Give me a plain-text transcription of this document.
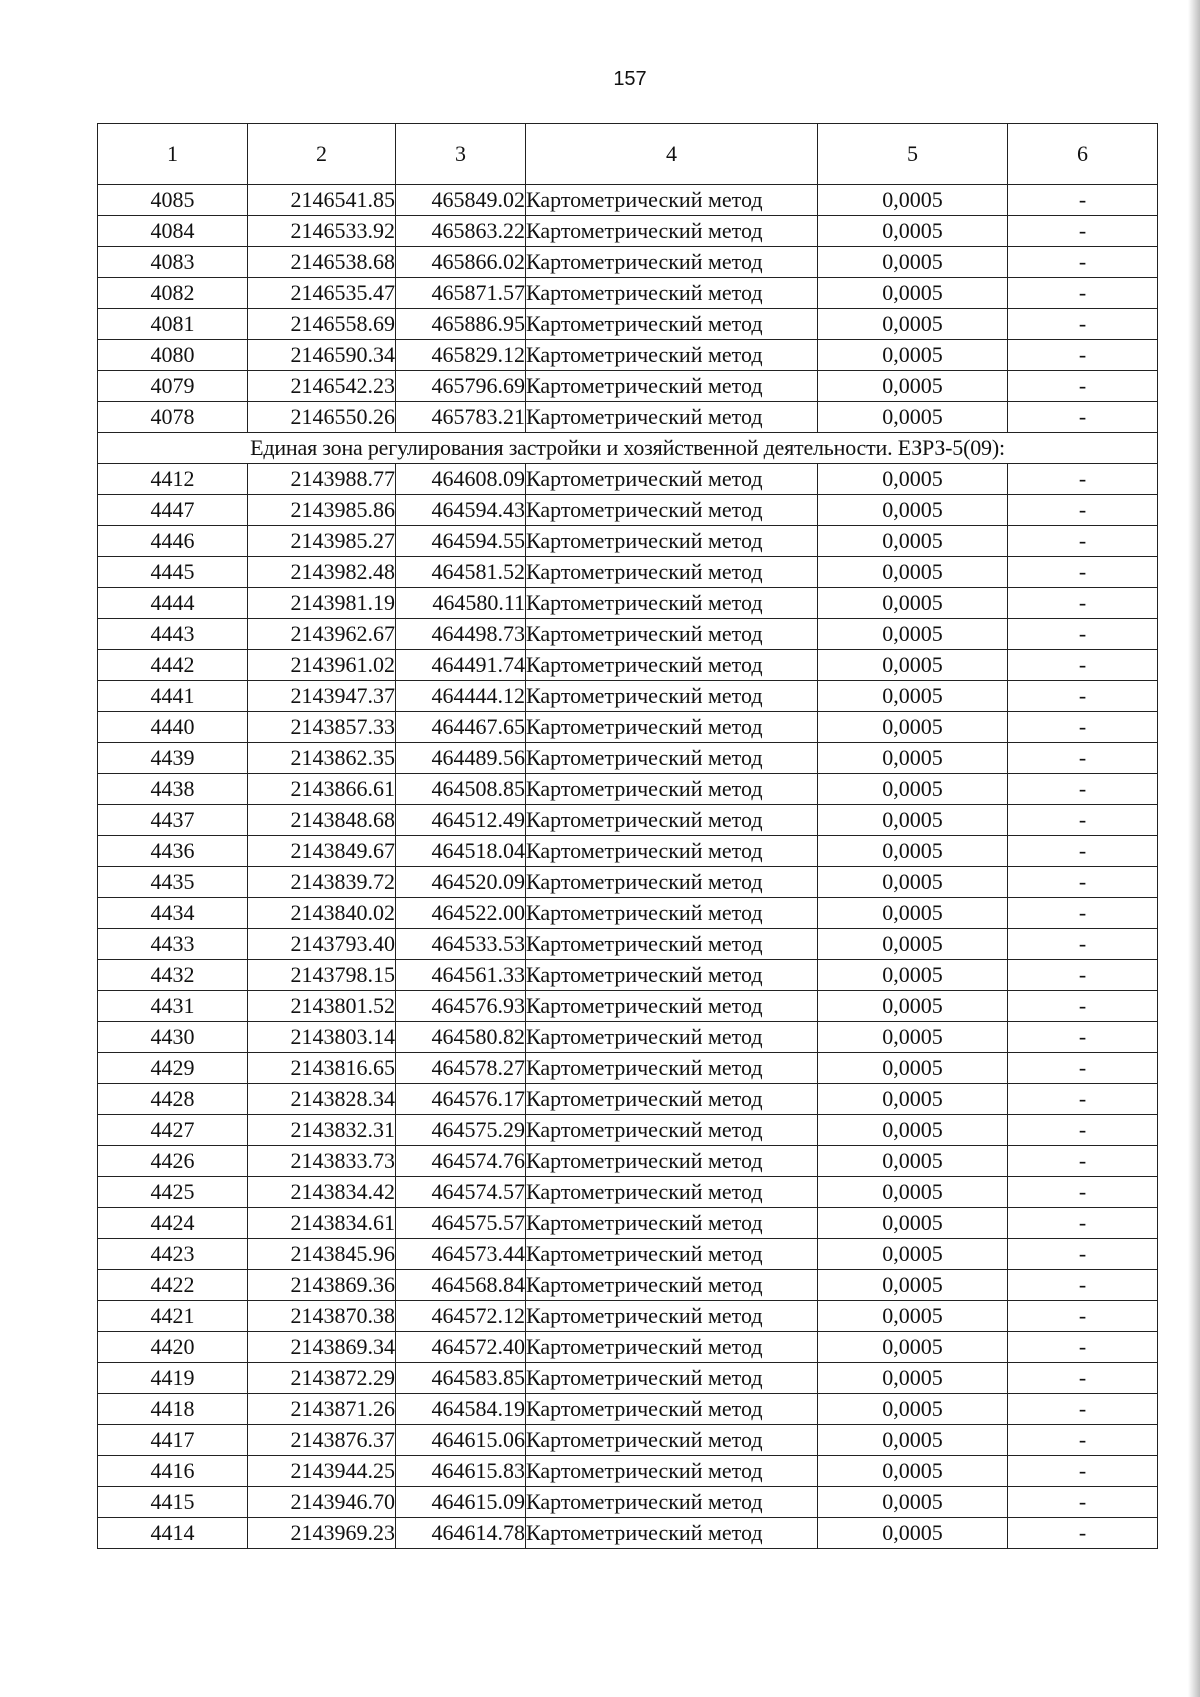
157
1	2	3	4	5	6
4085	2146541.85	465849.02	Картометрический метод	0,0005	-
4084	2146533.92	465863.22	Картометрический метод	0,0005	-
4083	2146538.68	465866.02	Картометрический метод	0,0005	-
4082	2146535.47	465871.57	Картометрический метод	0,0005	-
4081	2146558.69	465886.95	Картометрический метод	0,0005	-
4080	2146590.34	465829.12	Картометрический метод	0,0005	-
4079	2146542.23	465796.69	Картометрический метод	0,0005	-
4078	2146550.26	465783.21	Картометрический метод	0,0005	-
Единая зона регулирования застройки и хозяйственной деятельности. ЕЗРЗ-5(09):					
4412	2143988.77	464608.09	Картометрический метод	0,0005	-
4447	2143985.86	464594.43	Картометрический метод	0,0005	-
4446	2143985.27	464594.55	Картометрический метод	0,0005	-
4445	2143982.48	464581.52	Картометрический метод	0,0005	-
4444	2143981.19	464580.11	Картометрический метод	0,0005	-
4443	2143962.67	464498.73	Картометрический метод	0,0005	-
4442	2143961.02	464491.74	Картометрический метод	0,0005	-
4441	2143947.37	464444.12	Картометрический метод	0,0005	-
4440	2143857.33	464467.65	Картометрический метод	0,0005	-
4439	2143862.35	464489.56	Картометрический метод	0,0005	-
4438	2143866.61	464508.85	Картометрический метод	0,0005	-
4437	2143848.68	464512.49	Картометрический метод	0,0005	-
4436	2143849.67	464518.04	Картометрический метод	0,0005	-
4435	2143839.72	464520.09	Картометрический метод	0,0005	-
4434	2143840.02	464522.00	Картометрический метод	0,0005	-
4433	2143793.40	464533.53	Картометрический метод	0,0005	-
4432	2143798.15	464561.33	Картометрический метод	0,0005	-
4431	2143801.52	464576.93	Картометрический метод	0,0005	-
4430	2143803.14	464580.82	Картометрический метод	0,0005	-
4429	2143816.65	464578.27	Картометрический метод	0,0005	-
4428	2143828.34	464576.17	Картометрический метод	0,0005	-
4427	2143832.31	464575.29	Картометрический метод	0,0005	-
4426	2143833.73	464574.76	Картометрический метод	0,0005	-
4425	2143834.42	464574.57	Картометрический метод	0,0005	-
4424	2143834.61	464575.57	Картометрический метод	0,0005	-
4423	2143845.96	464573.44	Картометрический метод	0,0005	-
4422	2143869.36	464568.84	Картометрический метод	0,0005	-
4421	2143870.38	464572.12	Картометрический метод	0,0005	-
4420	2143869.34	464572.40	Картометрический метод	0,0005	-
4419	2143872.29	464583.85	Картометрический метод	0,0005	-
4418	2143871.26	464584.19	Картометрический метод	0,0005	-
4417	2143876.37	464615.06	Картометрический метод	0,0005	-
4416	2143944.25	464615.83	Картометрический метод	0,0005	-
4415	2143946.70	464615.09	Картометрический метод	0,0005	-
4414	2143969.23	464614.78	Картометрический метод	0,0005	-
